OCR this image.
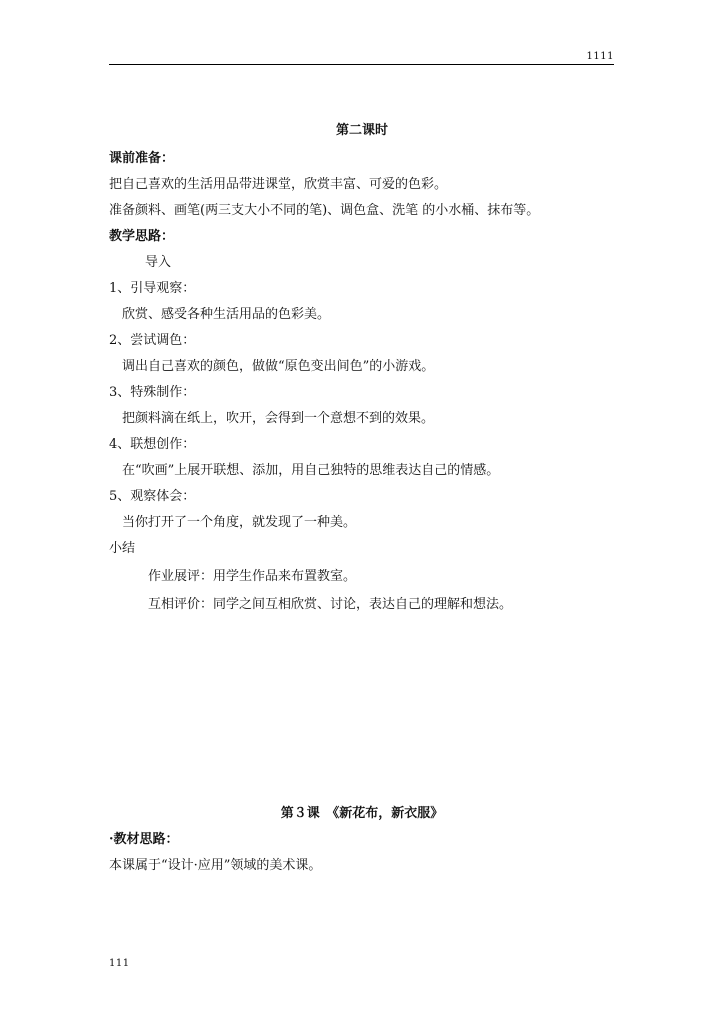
1111
第二课时
课前准备：
把自己喜欢的生活用品带进课堂，欣赏丰富、可爱的色彩。
准备颜料、画笔(两三支大小不同的笔)、调色盒、洗笔 的小水桶、抹布等。
教学思路：
导入
1、引导观察：
欣赏、感受各种生活用品的色彩美。
2、尝试调色：
调出自己喜欢的颜色，做做“原色变出间色”的小游戏。
3、特殊制作：
把颜料滴在纸上，吹开，会得到一个意想不到的效果。
4、联想创作：
在“吹画”上展开联想、添加，用自己独特的思维表达自己的情感。
5、观察体会：
当你打开了一个角度，就发现了一种美。
小结
作业展评：用学生作品来布置教室。
互相评价：同学之间互相欣赏、讨论，表达自己的理解和想法。
第３课　《新花布，新衣服》
·教材思路：
本课属于“设计·应用”领域的美术课。
111
